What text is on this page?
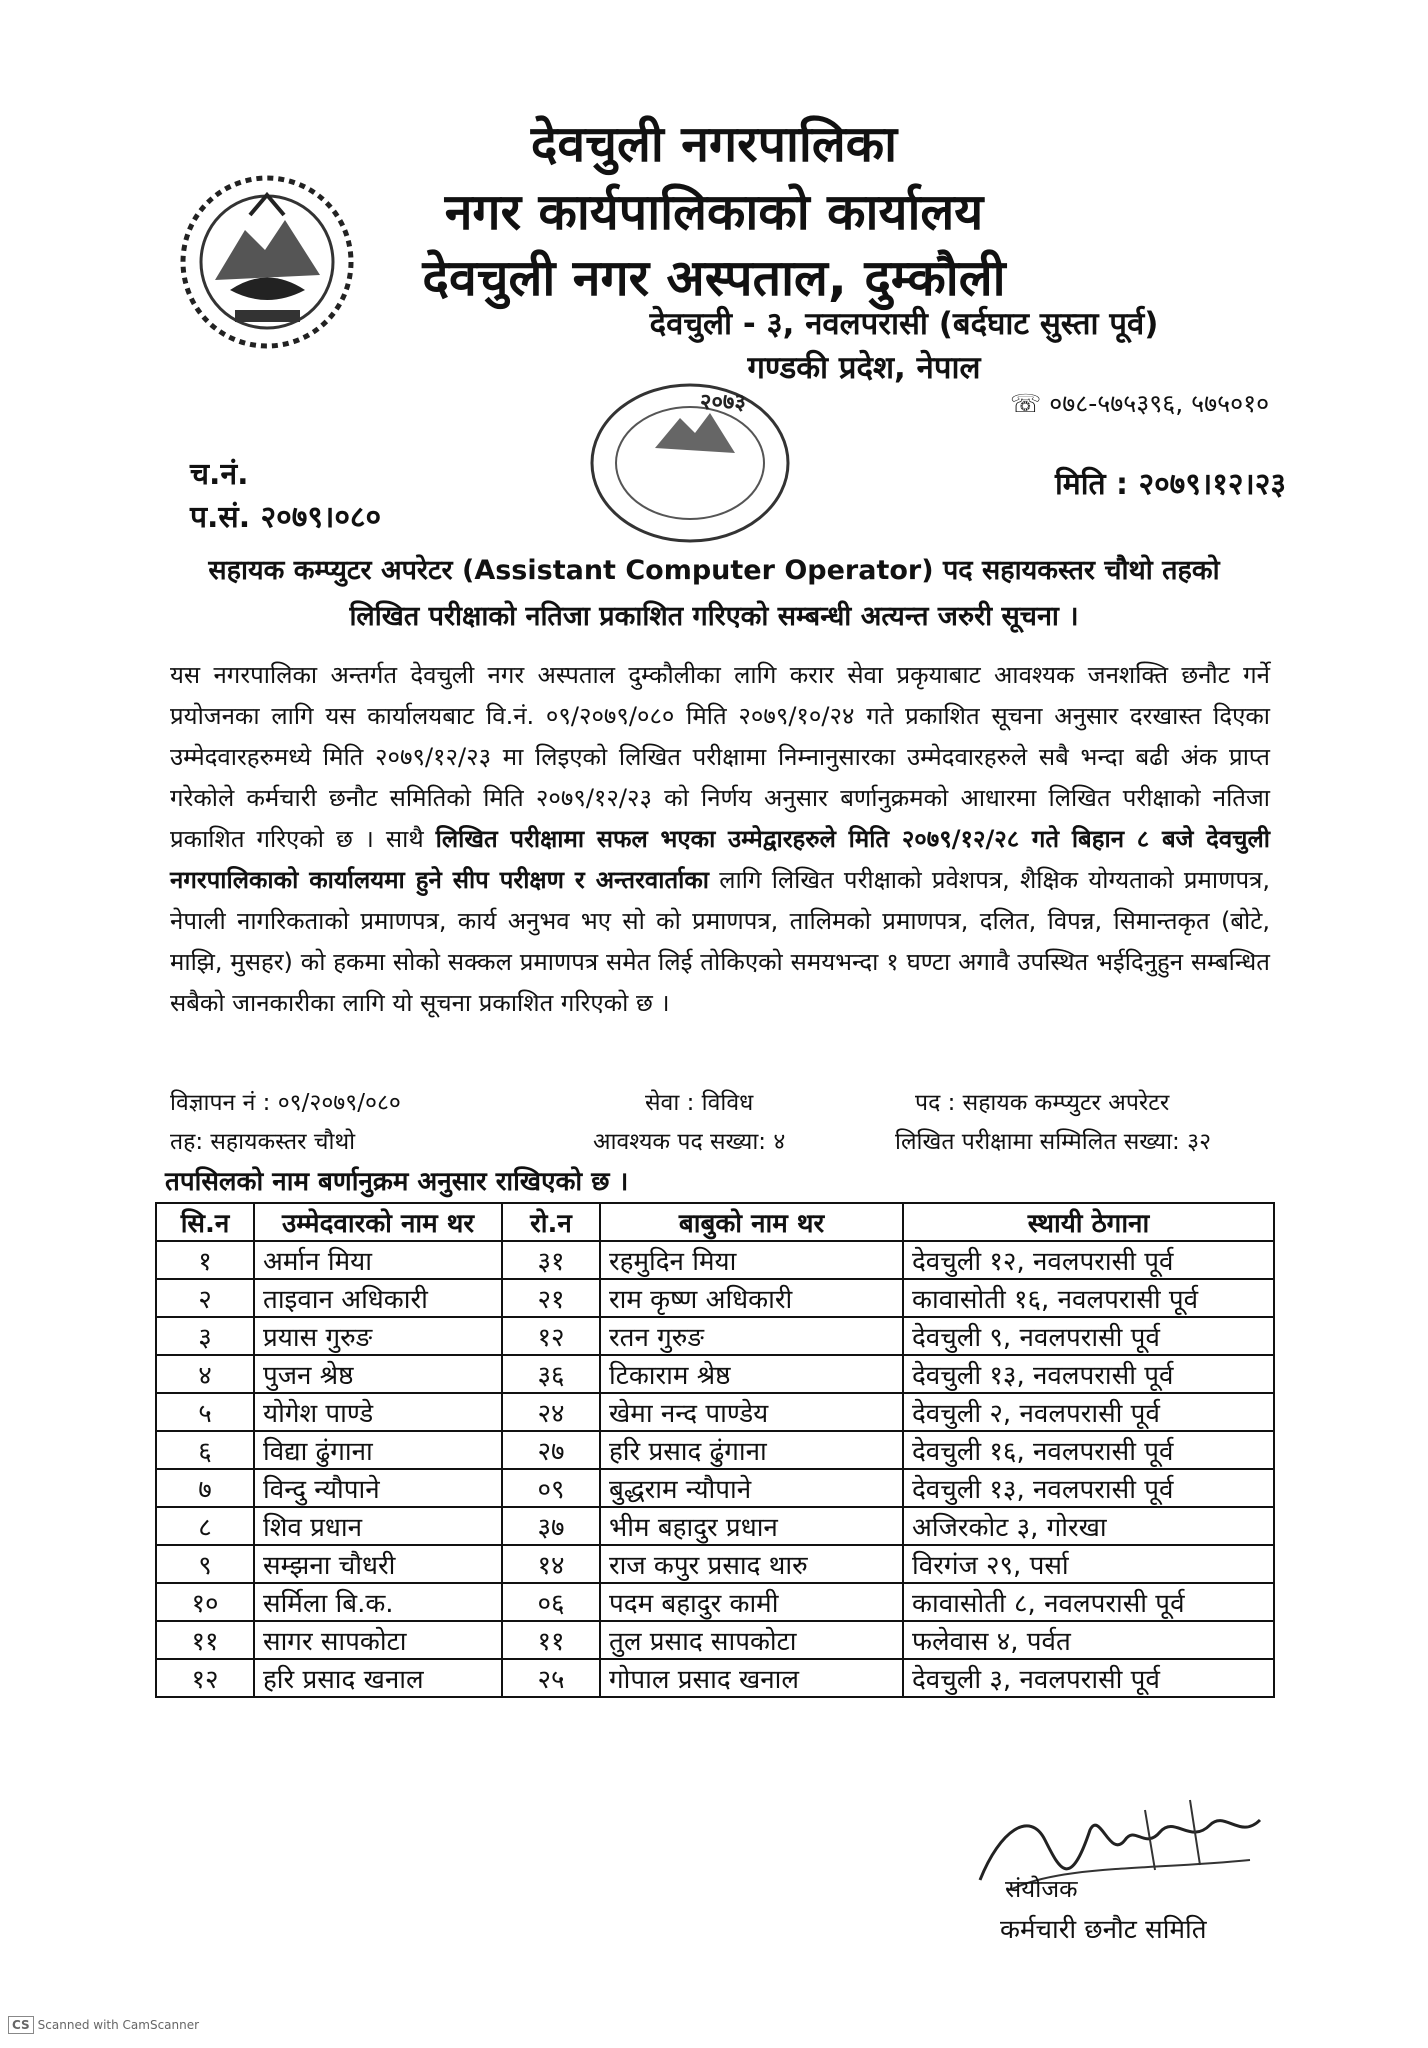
देवचुली नगरपालिका
नगर कार्यपालिकाको कार्यालय
देवचुली नगर अस्पताल, दुम्कौली
देवचुली - ३, नवलपरासी (बर्दघाट सुस्ता पूर्व)
गण्डकी प्रदेश, नेपाल
२०७३	☏ ०७८-५७५३९६, ५७५०१०
च.नं.
प.सं. २०७९।०८०
मिति : २०७९।१२।२३
सहायक कम्प्युटर अपरेटर (Assistant Computer Operator) पद सहायकस्तर चौथो तहको
लिखित परीक्षाको नतिजा प्रकाशित गरिएको सम्बन्धी अत्यन्त जरुरी सूचना ।
यस नगरपालिका अन्तर्गत देवचुली नगर अस्पताल दुम्कौलीका लागि करार सेवा प्रकृयाबाट आवश्यक जनशक्ति छनौट गर्ने प्रयोजनका लागि यस कार्यालयबाट वि.नं. ०९/२०७९/०८० मिति २०७९/१०/२४ गते प्रकाशित सूचना अनुसार दरखास्त दिएका उम्मेदवारहरुमध्ये मिति २०७९/१२/२३ मा लिइएको लिखित परीक्षामा निम्नानुसारका उम्मेदवारहरुले सबै भन्दा बढी अंक प्राप्त गरेकोले कर्मचारी छनौट समितिको मिति २०७९/१२/२३ को निर्णय अनुसार बर्णानुक्रमको आधारमा लिखित परीक्षाको नतिजा प्रकाशित गरिएको छ । साथै लिखित परीक्षामा सफल भएका उम्मेद्वारहरुले मिति २०७९/१२/२८ गते बिहान ८ बजे देवचुली नगरपालिकाको कार्यालयमा हुने सीप परीक्षण र अन्तरवार्ताका लागि लिखित परीक्षाको प्रवेशपत्र, शैक्षिक योग्यताको प्रमाणपत्र, नेपाली नागरिकताको प्रमाणपत्र, कार्य अनुभव भए सो को प्रमाणपत्र, तालिमको प्रमाणपत्र, दलित, विपन्न, सिमान्तकृत (बोटे, माझि, मुसहर) को हकमा सोको सक्कल प्रमाणपत्र समेत लिई तोकिएको समयभन्दा १ घण्टा अगावै उपस्थित भईदिनुहुन सम्बन्धित सबैको जानकारीका लागि यो सूचना प्रकाशित गरिएको छ ।
विज्ञापन नं : ०९/२०७९/०८०	सेवा : विविध	पद : सहायक कम्प्युटर अपरेटर
तह: सहायकस्तर चौथो	आवश्यक पद सख्या: ४	लिखित परीक्षामा सम्मिलित सख्या: ३२
तपसिलको नाम बर्णानुक्रम अनुसार राखिएको छ ।
सि.न	उम्मेदवारको नाम थर	रो.न	बाबुको नाम थर	स्थायी ठेगाना
१	अर्मान मिया	३१	रहमुदिन मिया	देवचुली १२, नवलपरासी पूर्व
२	ताइवान अधिकारी	२१	राम कृष्ण अधिकारी	कावासोती १६, नवलपरासी पूर्व
३	प्रयास गुरुङ	१२	रतन गुरुङ	देवचुली ९, नवलपरासी पूर्व
४	पुजन श्रेष्ठ	३६	टिकाराम श्रेष्ठ	देवचुली १३, नवलपरासी पूर्व
५	योगेश पाण्डे	२४	खेमा नन्द पाण्डेय	देवचुली २, नवलपरासी पूर्व
६	विद्या ढुंगाना	२७	हरि प्रसाद ढुंगाना	देवचुली १६, नवलपरासी पूर्व
७	विन्दु न्यौपाने	०९	बुद्धराम न्यौपाने	देवचुली १३, नवलपरासी पूर्व
८	शिव प्रधान	३७	भीम बहादुर प्रधान	अजिरकोट ३, गोरखा
९	सम्झना चौधरी	१४	राज कपुर प्रसाद थारु	विरगंज २९, पर्सा
१०	सर्मिला बि.क.	०६	पदम बहादुर कामी	कावासोती ८, नवलपरासी पूर्व
११	सागर सापकोटा	११	तुल प्रसाद सापकोटा	फलेवास ४, पर्वत
१२	हरि प्रसाद खनाल	२५	गोपाल प्रसाद खनाल	देवचुली ३, नवलपरासी पूर्व
संयोजक
कर्मचारी छनौट समिति
CS Scanned with CamScanner
